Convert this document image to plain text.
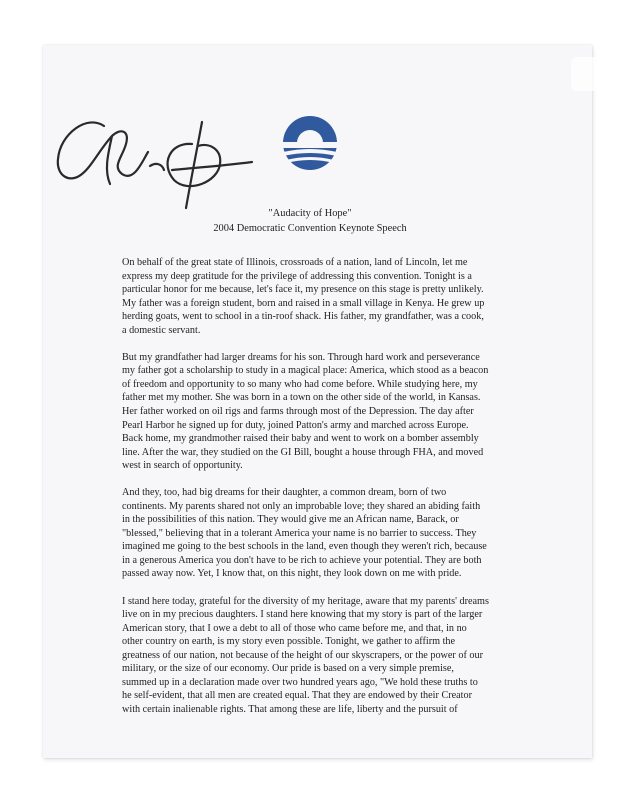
"Audacity of Hope"
2004 Democratic Convention Keynote Speech

On behalf of the great state of Illinois, crossroads of a nation, land of Lincoln, let me
express my deep gratitude for the privilege of addressing this convention. Tonight is a
particular honor for me because, let's face it, my presence on this stage is pretty unlikely.
My father was a foreign student, born and raised in a small village in Kenya. He grew up
herding goats, went to school in a tin-roof shack. His father, my grandfather, was a cook,
a domestic servant.

But my grandfather had larger dreams for his son. Through hard work and perseverance
my father got a scholarship to study in a magical place: America, which stood as a beacon
of freedom and opportunity to so many who had come before. While studying here, my
father met my mother. She was born in a town on the other side of the world, in Kansas.
Her father worked on oil rigs and farms through most of the Depression. The day after
Pearl Harbor he signed up for duty, joined Patton's army and marched across Europe.
Back home, my grandmother raised their baby and went to work on a bomber assembly
line. After the war, they studied on the GI Bill, bought a house through FHA, and moved
west in search of opportunity.

And they, too, had big dreams for their daughter, a common dream, born of two
continents. My parents shared not only an improbable love; they shared an abiding faith
in the possibilities of this nation. They would give me an African name, Barack, or
"blessed," believing that in a tolerant America your name is no barrier to success. They
imagined me going to the best schools in the land, even though they weren't rich, because
in a generous America you don't have to be rich to achieve your potential. They are both
passed away now. Yet, I know that, on this night, they look down on me with pride.

I stand here today, grateful for the diversity of my heritage, aware that my parents' dreams
live on in my precious daughters. I stand here knowing that my story is part of the larger
American story, that I owe a debt to all of those who came before me, and that, in no
other country on earth, is my story even possible. Tonight, we gather to affirm the
greatness of our nation, not because of the height of our skyscrapers, or the power of our
military, or the size of our economy. Our pride is based on a very simple premise,
summed up in a declaration made over two hundred years ago, "We hold these truths to
he self-evident, that all men are created equal. That they are endowed by their Creator
with certain inalienable rights. That among these are life, liberty and the pursuit of
